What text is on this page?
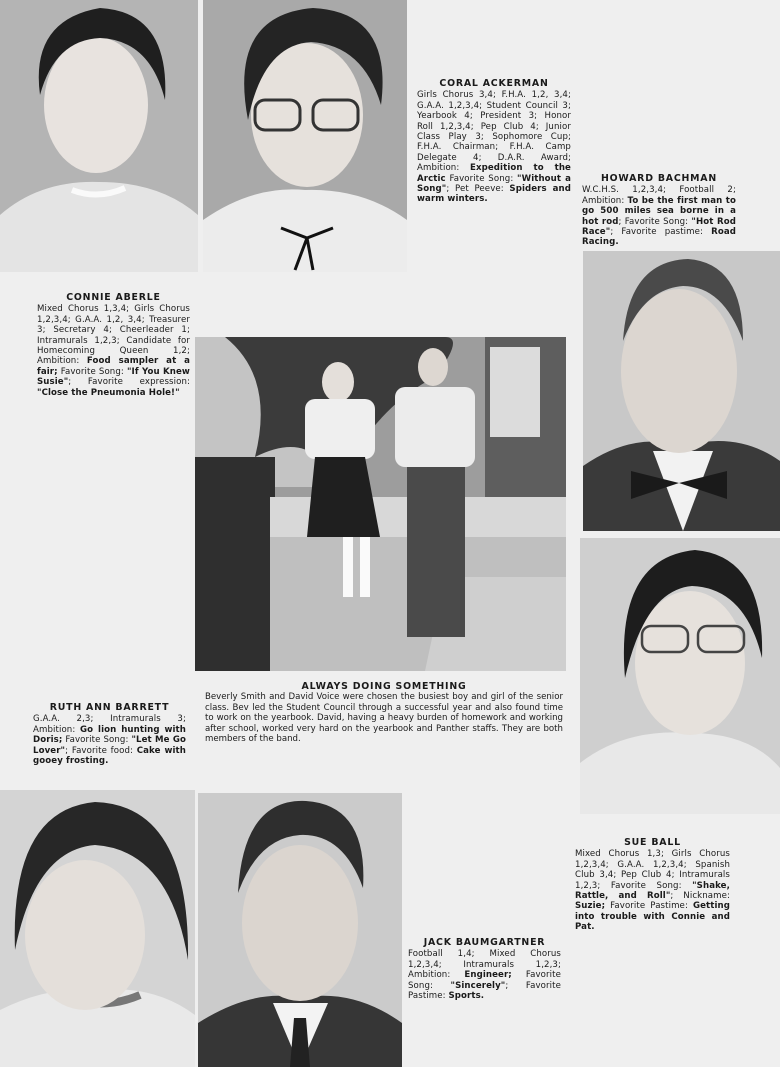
CORAL ACKERMAN
Girls Chorus 3,4; F.H.A. 1,2, 3,4; G.A.A. 1,2,3,4; Student Council 3; Yearbook 4; President 3; Honor Roll 1,2,3,4; Pep Club 4; Junior Class Play 3; Sophomore Cup; F.H.A. Chairman; F.H.A. Camp Delegate 4; D.A.R. Award; Ambition: Expedition to the Arctic Favorite Song: "Without a Song"; Pet Peeve: Spiders and warm winters.
HOWARD BACHMAN
W.C.H.S. 1,2,3,4; Football 2; Ambition: To be the first man to go 500 miles sea borne in a hot rod; Favorite Song: "Hot Rod Race"; Favorite pastime: Road Racing.
CONNIE ABERLE
Mixed Chorus 1,3,4; Girls Chorus 1,2,3,4; G.A.A. 1,2, 3,4; Treasurer 3; Secretary 4; Cheerleader 1; Intramurals 1,2,3; Candidate for Homecoming Queen 1,2; Ambition: Food sampler at a fair; Favorite Song: "If You Knew Susie"; Favorite expression: "Close the Pneumonia Hole!"
RUTH ANN BARRETT
G.A.A. 2,3; Intramurals 3; Ambition: Go lion hunting with Doris; Favorite Song: "Let Me Go Lover"; Favorite food: Cake with gooey frosting.
SUE BALL
Mixed Chorus 1,3; Girls Chorus 1,2,3,4; G.A.A. 1,2,3,4; Spanish Club 3,4; Pep Club 4; Intramurals 1,2,3; Favorite Song: "Shake, Rattle, and Roll"; Nickname: Suzie; Favorite Pastime: Getting into trouble with Connie and Pat.
JACK BAUMGARTNER
Football 1,4; Mixed Chorus 1,2,3,4; Intramurals 1,2,3; Ambition: Engineer; Favorite Song: "Sincerely"; Favorite Pastime: Sports.
ALWAYS DOING SOMETHING
Beverly Smith and David Voice were chosen the busiest boy and girl of the senior class. Bev led the Student Council through a successful year and also found time to work on the yearbook. David, having a heavy burden of homework and working after school, worked very hard on the yearbook and Panther staffs. They are both members of the band.
